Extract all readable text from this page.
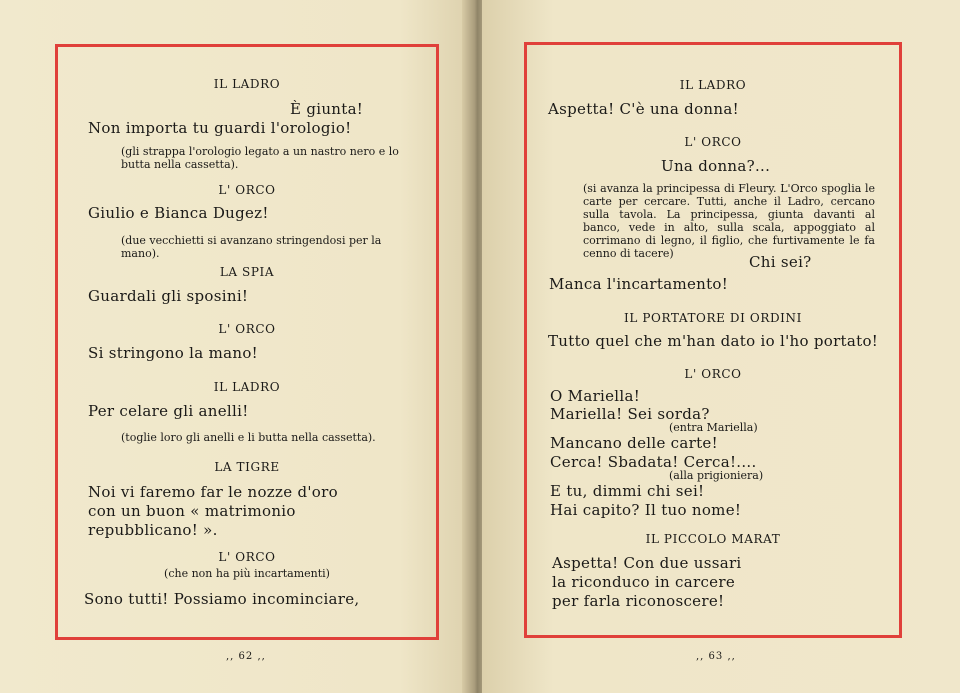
IL LADRO
È giunta!
Non importa tu guardi l'orologio!
(gli strappa l'orologio legato a un nastro nero e lo butta nella cassetta).
L' ORCO
Giulio e Bianca Dugez!
(due vecchietti si avanzano stringendosi per la mano).
LA SPIA
Guardali gli sposini!
L' ORCO
Si stringono la mano!
IL LADRO
Per celare gli anelli!
(toglie loro gli anelli e li butta nella cassetta).
LA TIGRE
Noi vi faremo far le nozze d'oro
con un buon « matrimonio
repubblicano! ».
L' ORCO
(che non ha più incartamenti)
Sono tutti! Possiamo incominciare,
,, 62 ,,
IL LADRO
Aspetta! C'è una donna!
L' ORCO
Una donna?...
(si avanza la principessa di Fleury. L'Orco spoglia le carte per cercare. Tutti, anche il Ladro, cercano sulla tavola. La principessa, giunta davanti al banco, vede in alto, sulla scala, appoggiato al corrimano di legno, il figlio, che furtivamente le fa cenno di tacere)	Chi sei?
Manca l'incartamento!
IL PORTATORE DI ORDINI
Tutto quel che m'han dato io l'ho portato!
L' ORCO
O Mariella!
Mariella! Sei sorda?
(entra Mariella)
Mancano delle carte!
Cerca! Sbadata! Cerca!....
(alla prigioniera)
E tu, dimmi chi sei!
Hai capito? Il tuo nome!
IL PICCOLO MARAT
Aspetta! Con due ussari
la riconduco in carcere
per farla riconoscere!
,, 63 ,,
